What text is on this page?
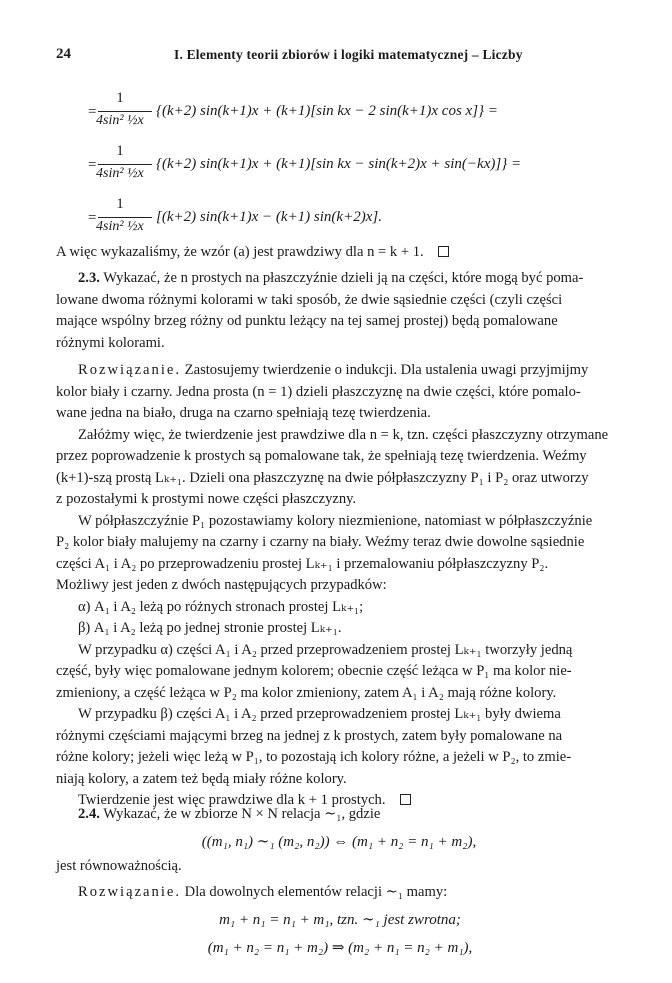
24	I. Elementy teorii zbiorów i logiki matematycznej – Liczby
=
1
4sin² ½x
{(k+2) sin(k+1)x + (k+1)[sin kx − 2 sin(k+1)x cos x]} =
=
1
4sin² ½x
{(k+2) sin(k+1)x + (k+1)[sin kx − sin(k+2)x + sin(−kx)]} =
=
1
4sin² ½x
[(k+2) sin(k+1)x − (k+1) sin(k+2)x].
A więc wykazaliśmy, że wzór (a) jest prawdziwy dla n = k + 1.
2.3. Wykazać, że n prostych na płaszczyźnie dzieli ją na części, które mogą być poma-
lowane dwoma różnymi kolorami w taki sposób, że dwie sąsiednie części (czyli części
mające wspólny brzeg różny od punktu leżący na tej samej prostej) będą pomalowane
różnymi kolorami.
Rozwiązanie. Zastosujemy twierdzenie o indukcji. Dla ustalenia uwagi przyjmijmy
kolor biały i czarny. Jedna prosta (n = 1) dzieli płaszczyznę na dwie części, które pomalo-
wane jedna na biało, druga na czarno spełniają tezę twierdzenia.
Załóżmy więc, że twierdzenie jest prawdziwe dla n = k, tzn. części płaszczyzny otrzymane
przez poprowadzenie k prostych są pomalowane tak, że spełniają tezę twierdzenia. Weźmy
(k+1)-szą prostą Lₖ₊₁. Dzieli ona płaszczyznę na dwie półpłaszczyzny P₁ i P₂ oraz utworzy
z pozostałymi k prostymi nowe części płaszczyzny.
W półpłaszczyźnie P₁ pozostawiamy kolory niezmienione, natomiast w półpłaszczyźnie
P₂ kolor biały malujemy na czarny i czarny na biały. Weźmy teraz dwie dowolne sąsiednie
części A₁ i A₂ po przeprowadzeniu prostej Lₖ₊₁ i przemalowaniu półpłaszczyzny P₂.
Możliwy jest jeden z dwóch następujących przypadków:
α) A₁ i A₂ leżą po różnych stronach prostej Lₖ₊₁;
β) A₁ i A₂ leżą po jednej stronie prostej Lₖ₊₁.
W przypadku α) części A₁ i A₂ przed przeprowadzeniem prostej Lₖ₊₁ tworzyły jedną
część, były więc pomalowane jednym kolorem; obecnie część leżąca w P₁ ma kolor nie-
zmieniony, a część leżąca w P₂ ma kolor zmieniony, zatem A₁ i A₂ mają różne kolory.
W przypadku β) części A₁ i A₂ przed przeprowadzeniem prostej Lₖ₊₁ były dwiema
różnymi częściami mającymi brzeg na jednej z k prostych, zatem były pomalowane na
różne kolory; jeżeli więc leżą w P₁, to pozostają ich kolory różne, a jeżeli w P₂, to zmie-
niają kolory, a zatem też będą miały różne kolory.
Twierdzenie jest więc prawdziwe dla k + 1 prostych.
2.4. Wykazać, że w zbiorze N × N relacja ∼₁, gdzie
((m₁, n₁) ∼₁ (m₂, n₂)) ⇔ (m₁ + n₂ = n₁ + m₂),
jest równoważnością.
Rozwiązanie. Dla dowolnych elementów relacji ∼₁ mamy:
m₁ + n₁ = n₁ + m₁, tzn. ∼₁ jest zwrotna;
(m₁ + n₂ = n₁ + m₂) ⇒ (m₂ + n₁ = n₂ + m₁),
